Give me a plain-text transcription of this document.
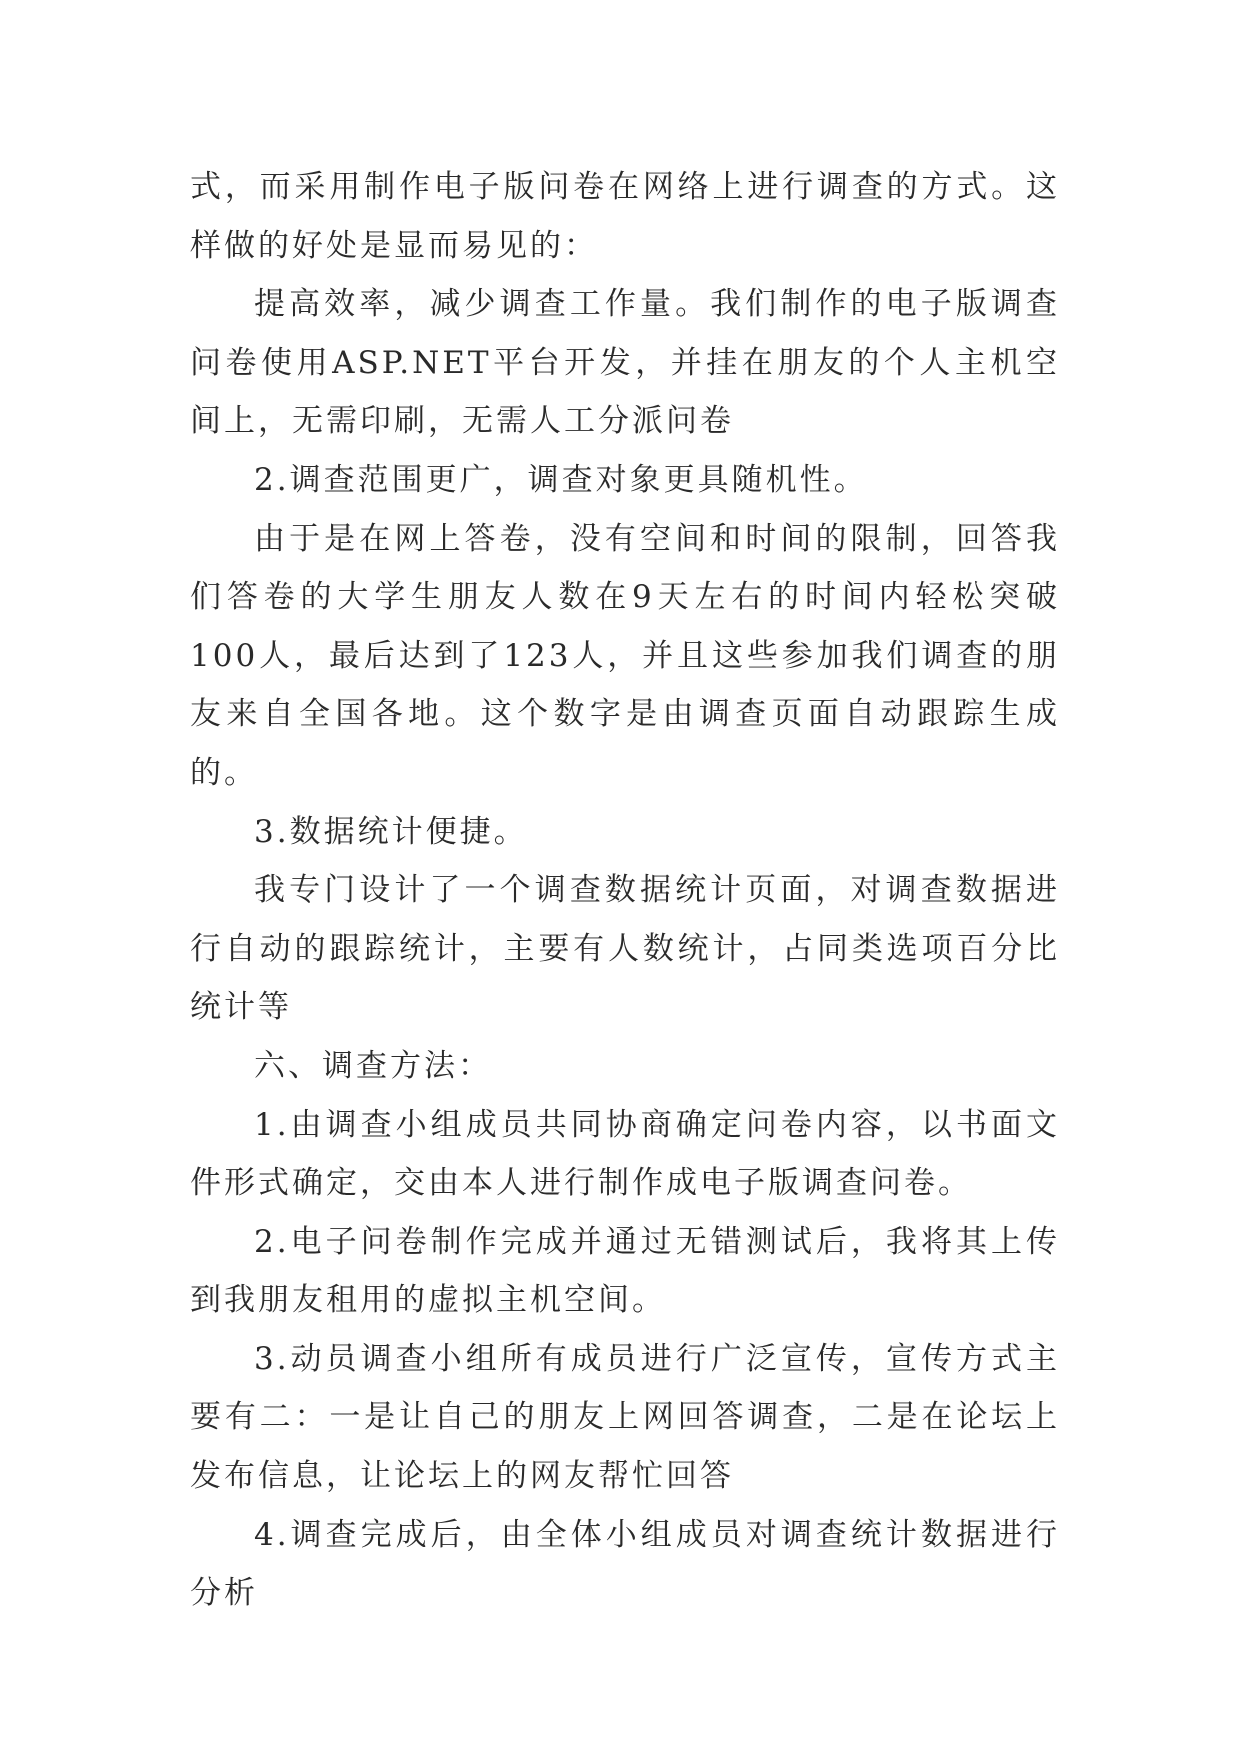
式，而采用制作电子版问卷在网络上进行调查的方式。这样做的好处是显而易见的：

提高效率，减少调查工作量。我们制作的电子版调查问卷使用ASP.NET平台开发，并挂在朋友的个人主机空间上，无需印刷，无需人工分派问卷

2.调查范围更广，调查对象更具随机性。

由于是在网上答卷，没有空间和时间的限制，回答我们答卷的大学生朋友人数在9天左右的时间内轻松突破100人，最后达到了123人，并且这些参加我们调查的朋友来自全国各地。这个数字是由调查页面自动跟踪生成的。

3.数据统计便捷。

我专门设计了一个调查数据统计页面，对调查数据进行自动的跟踪统计，主要有人数统计，占同类选项百分比统计等

六、调查方法：

1.由调查小组成员共同协商确定问卷内容，以书面文件形式确定，交由本人进行制作成电子版调查问卷。

2.电子问卷制作完成并通过无错测试后，我将其上传到我朋友租用的虚拟主机空间。

3.动员调查小组所有成员进行广泛宣传，宣传方式主要有二：一是让自己的朋友上网回答调查，二是在论坛上发布信息，让论坛上的网友帮忙回答

4.调查完成后，由全体小组成员对调查统计数据进行分析
